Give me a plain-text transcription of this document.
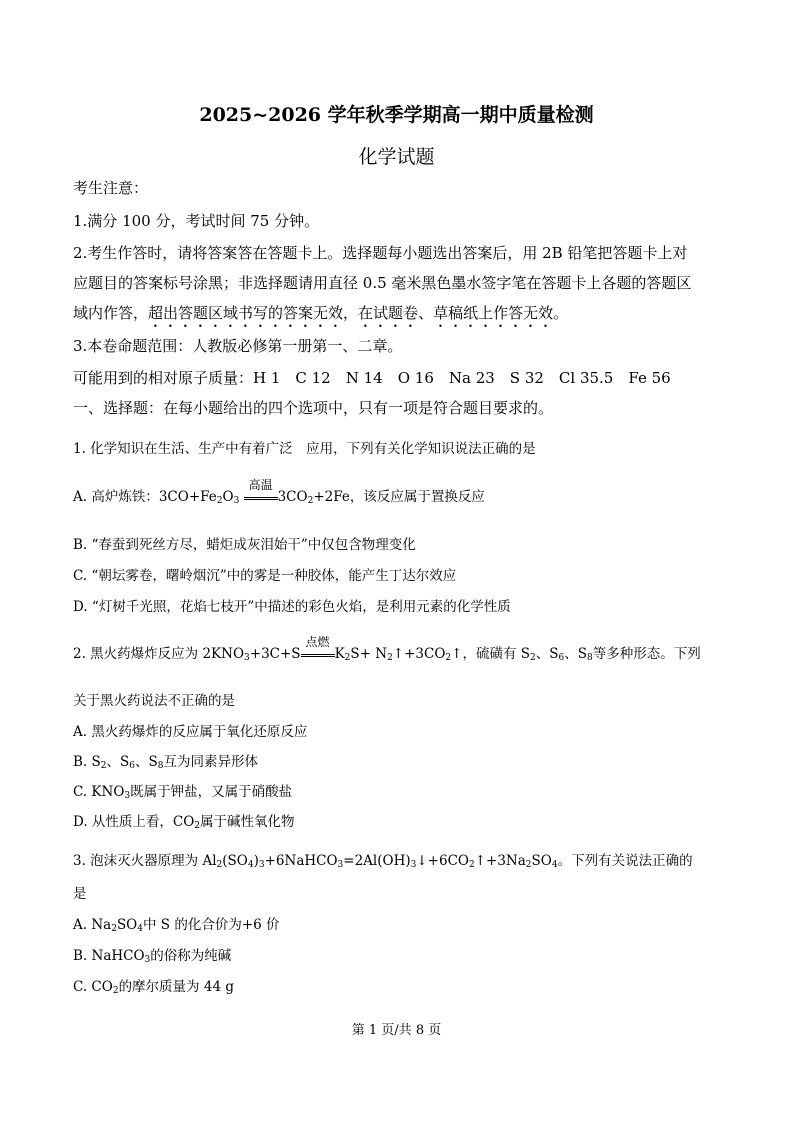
2025~2026 学年秋季学期高一期中质量检测
化学试题
考生注意：
1.满分 100 分，考试时间 75 分钟。
2.考生作答时，请将答案答在答题卡上。选择题每小题选出答案后，用 2B 铅笔把答题卡上对
应题目的答案标号涂黑；非选择题请用直径 0.5 毫米黑色墨水签字笔在答题卡上各题的答题区
域内作答，超出答题区域书写的答案无效，在试题卷、草稿纸上作答无效。
3.本卷命题范围：人教版必修第一册第一、二章。
可能用到的相对原子质量：H 1　C 12　N 14　O 16　Na 23　S 32　Cl 35.5　Fe 56
一、选择题：在每小题给出的四个选项中，只有一项是符合题目要求的。
1. 化学知识在生活、生产中有着广泛　应用，下列有关化学知识说法正确的是
A. 高炉炼铁：$3CO+Fe_2O_3$
高温
$3CO_2+2Fe$，该反应属于置换反应
B. “春蚕到死丝方尽，蜡炬成灰泪始干”中仅包含物理变化
C. “朝坛雾卷，曙岭烟沉”中的雾是一种胶体，能产生丁达尔效应
D. “灯树千光照，花焰七枝开”中描述的彩色火焰，是利用元素的化学性质
2. 黑火药爆炸反应为 $2KNO_3+3C+S$
点燃
$K_2S+$ $N_2↑+3CO_2↑$，硫磺有 $S_2$、$S_6$、$S_8$等多种形态。下列
关于黑火药说法不正确的是
A. 黑火药爆炸的反应属于氧化还原反应
B. $S_2$、$S_6$、$S_8$互为同素异形体
C. $KNO_3$既属于钾盐，又属于硝酸盐
D. 从性质上看，$CO_2$属于碱性氧化物
3. 泡沫灭火器原理为 $Al_2(SO_4)_3+6NaHCO_3=2Al(OH)_3↓+6CO_2↑+3Na_2SO_4$。下列有关说法正确的
是
A. $Na_2SO_4$中 S 的化合价为+6 价
B. NaHCO$_3$的俗称为纯碱
C. $CO_2$的摩尔质量为 44 g
第 1 页/共 8 页
